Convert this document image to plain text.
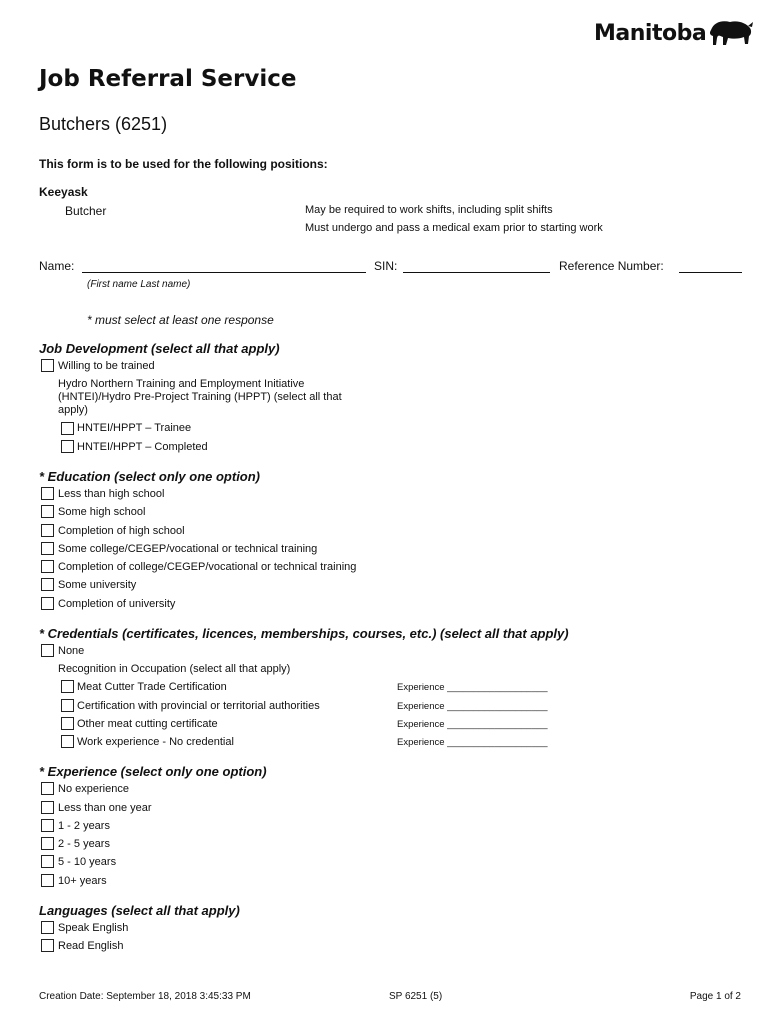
Manitoba
Job Referral Service
Butchers (6251)
This form is to be used for the following positions:
Keeyask
Butcher	May be required to work shifts, including split shifts
Must undergo and pass a medical exam prior to starting work
Name:	SIN:	Reference Number:
(First name Last name)
* must select at least one response
Job Development (select all that apply)
Willing to be trained
Hydro Northern Training and Employment Initiative
(HNTEI)/Hydro Pre-Project Training (HPPT) (select all that
apply)
HNTEI/HPPT – Trainee
HNTEI/HPPT – Completed
* Education (select only one option)
Less than high school
Some high school
Completion of high school
Some college/CEGEP/vocational or technical training
Completion of college/CEGEP/vocational or technical training
Some university
Completion of university
* Credentials (certificates, licences, memberships, courses, etc.) (select all that apply)
None
Recognition in Occupation (select all that apply)
Meat Cutter Trade Certification	Experience ___________________
Certification with provincial or territorial authorities	Experience ___________________
Other meat cutting certificate	Experience ___________________
Work experience - No credential	Experience ___________________
* Experience (select only one option)
No experience
Less than one year
1 - 2 years
2 - 5 years
5 - 10 years
10+ years
Languages (select all that apply)
Speak English
Read English
Creation Date: September 18, 2018 3:45:33 PM	SP 6251 (5)	Page 1 of 2
